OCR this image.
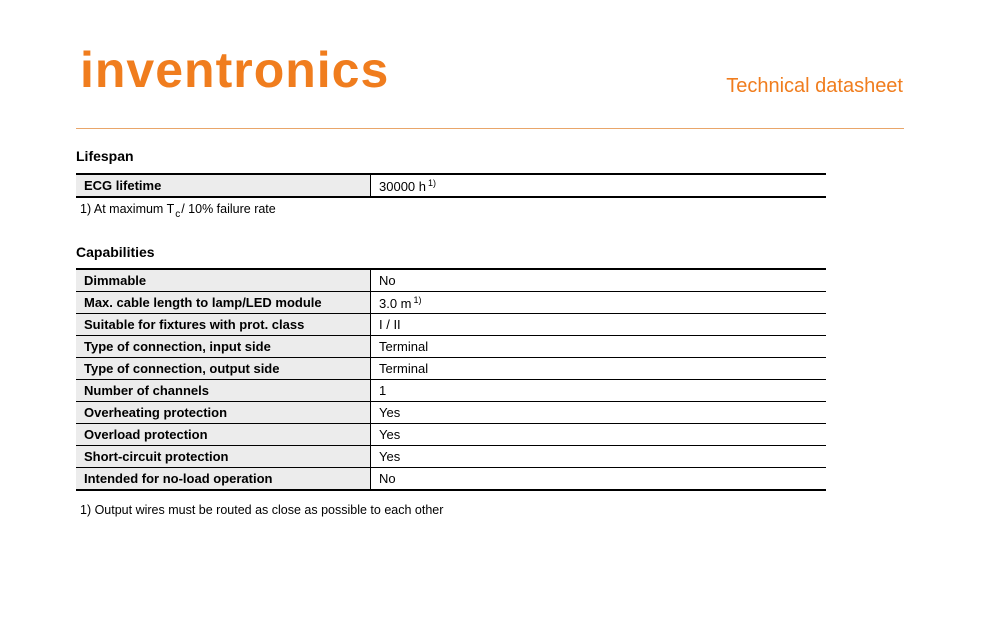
inventronics	Technical datasheet
Lifespan
ECG lifetime	30000 h $^{1)}$
1) At maximum $T_c/$ 10% failure rate
Capabilities
Dimmable	No
Max. cable length to lamp/LED module	3.0 m $^{1)}$
Suitable for fixtures with prot. class	I / II
Type of connection, input side	Terminal
Type of connection, output side	Terminal
Number of channels	1
Overheating protection	Yes
Overload protection	Yes
Short-circuit protection	Yes
Intended for no-load operation	No
1) Output wires must be routed as close as possible to each other
